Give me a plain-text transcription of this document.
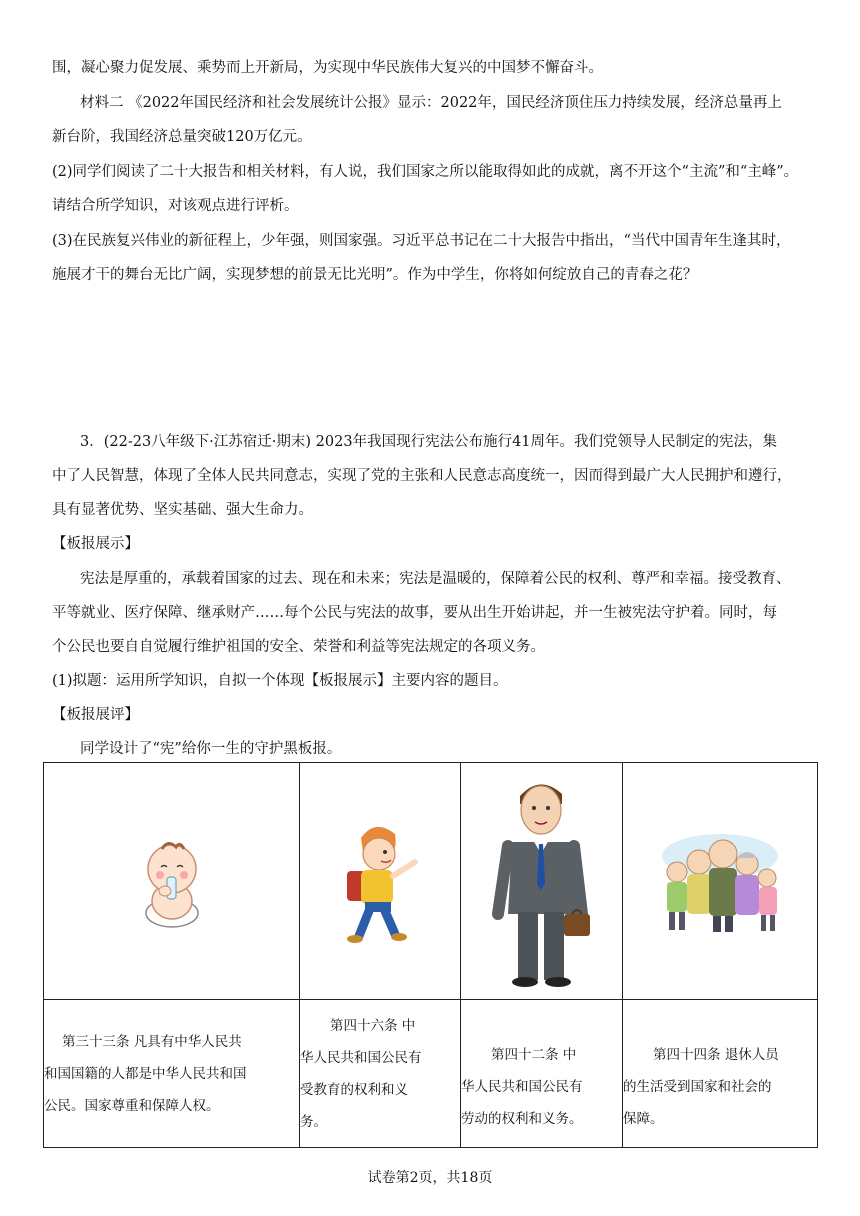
围，凝心聚力促发展、乘势而上开新局，为实现中华民族伟大复兴的中国梦不懈奋斗。
材料二 《2022年国民经济和社会发展统计公报》显示：2022年，国民经济顶住压力持续发展，经济总量再上
新台阶，我国经济总量突破120万亿元。
(2)同学们阅读了二十大报告和相关材料，有人说，我们国家之所以能取得如此的成就，离不开这个“主流”和“主峰”。
请结合所学知识，对该观点进行评析。
(3)在民族复兴伟业的新征程上，少年强，则国家强。习近平总书记在二十大报告中指出，“当代中国青年生逢其时，
施展才干的舞台无比广阔，实现梦想的前景无比光明”。作为中学生，你将如何绽放自己的青春之花？
3．(22-23八年级下·江苏宿迁·期末) 2023年我国现行宪法公布施行41周年。我们党领导人民制定的宪法，集
中了人民智慧，体现了全体人民共同意志，实现了党的主张和人民意志高度统一，因而得到最广大人民拥护和遵行，
具有显著优势、坚实基础、强大生命力。
【板报展示】
宪法是厚重的，承载着国家的过去、现在和未来；宪法是温暖的，保障着公民的权利、尊严和幸福。接受教育、
平等就业、医疗保障、继承财产……每个公民与宪法的故事，要从出生开始讲起，并一生被宪法守护着。同时，每
个公民也要自自觉履行维护祖国的安全、荣誉和利益等宪法规定的各项义务。
(1)拟题：运用所学知识，自拟一个体现【板报展示】主要内容的题目。
【板报展评】
同学设计了“宪”给你一生的守护黑板报。

第三十三条 凡具有中华人民共
和国国籍的人都是中华人民共和国
公民。国家尊重和保障人权。	第四十六条 中
华人民共和国公民有
受教育的权利和义
务。	第四十二条 中
华人民共和国公民有
劳动的权利和义务。	第四十四条 退休人员
的生活受到国家和社会的
保障。
试卷第2页，共18页
